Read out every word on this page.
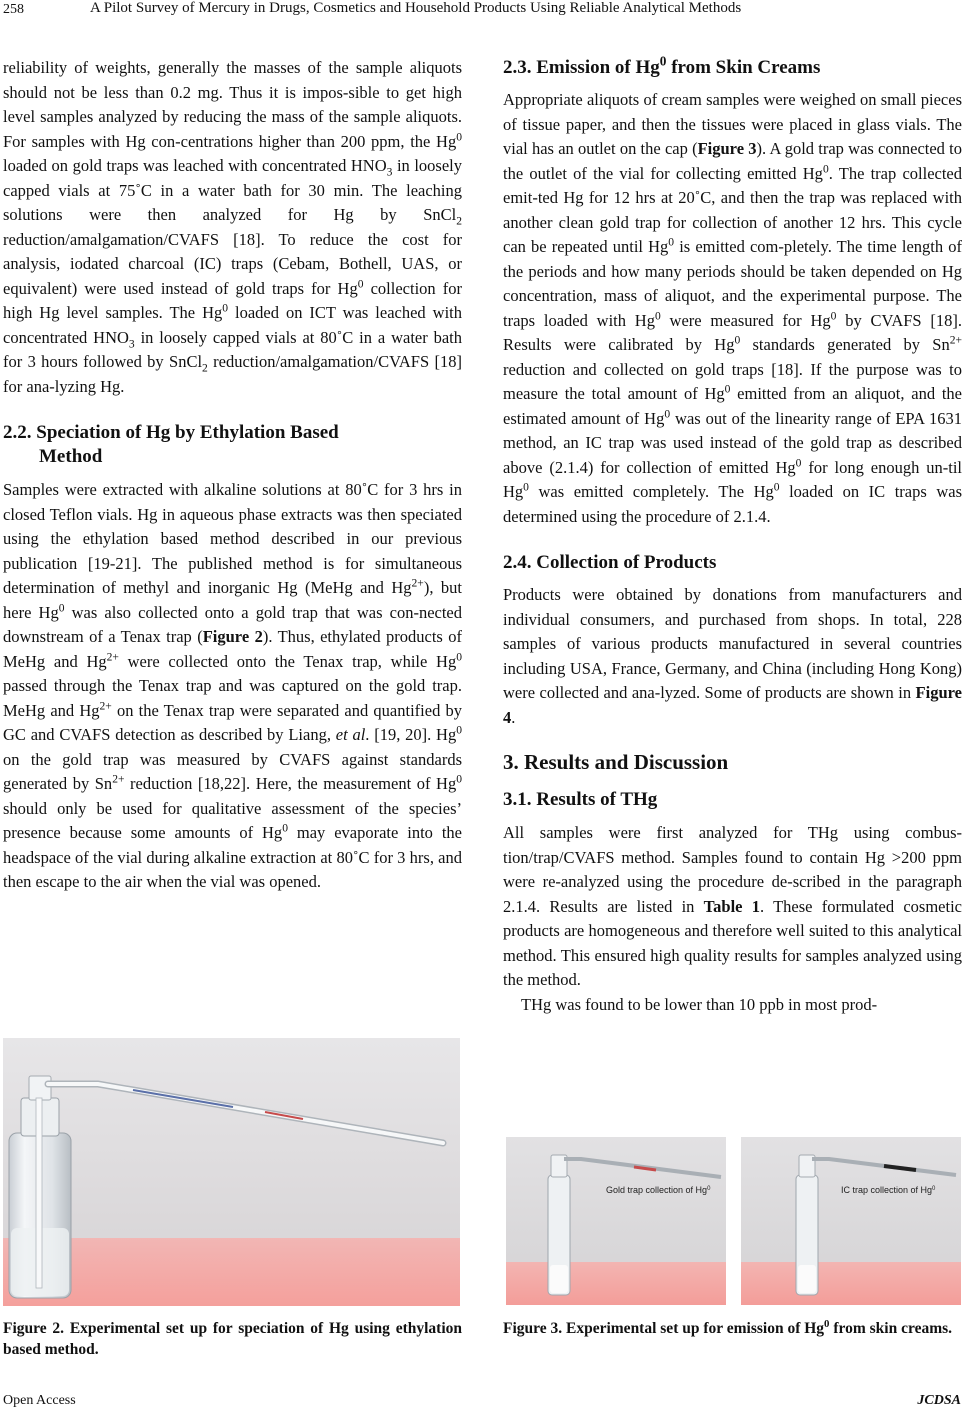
258	A Pilot Survey of Mercury in Drugs, Cosmetics and Household Products Using Reliable Analytical Methods

reliability of weights, generally the masses of the sample aliquots should not be less than 0.2 mg. Thus it is impos-sible to get high level samples analyzed by reducing the mass of the sample aliquots. For samples with Hg con-centrations higher than 200 ppm, the Hg$^0$ loaded on gold traps was leached with concentrated $HNO_3$ in loosely capped vials at 75˚C in a water bath for 30 min. The leaching solutions were then analyzed for Hg by SnCl$_2$ reduction/amalgamation/CVAFS [18]. To reduce the cost for analysis, iodated charcoal (IC) traps (Cebam, Bothell, UAS, or equivalent) were used instead of gold traps for Hg$^0$ collection for high Hg level samples. The Hg$^0$ loaded on ICT was leached with concentrated $HNO_3$ in loosely capped vials at 80˚C in a water bath for 3 hours followed by SnCl$_2$ reduction/amalgamation/CVAFS [18] for ana-lyzing Hg.

2.2. Speciation of Hg by Ethylation Based
Method

Samples were extracted with alkaline solutions at 80˚C for 3 hrs in closed Teflon vials. Hg in aqueous phase extracts was then speciated using the ethylation based method described in our previous publication [19-21]. The published method is for simultaneous determination of methyl and inorganic Hg (MeHg and $Hg^{2+}$), but here Hg$^0$ was also collected onto a gold trap that was con-nected downstream of a Tenax trap (Figure 2). Thus, ethylated products of MeHg and $Hg^{2+}$ were collected onto the Tenax trap, while Hg$^0$ passed through the Tenax trap and was captured on the gold trap. MeHg and $Hg^{2+}$ on the Tenax trap were separated and quantified by GC and CVAFS detection as described by Liang, et al. [19, 20]. Hg$^0$ on the gold trap was measured by CVAFS against standards generated by $Sn^{2+}$ reduction [18,22]. Here, the measurement of Hg$^0$ should only be used for qualitative assessment of the species’ presence because some amounts of Hg$^0$ may evaporate into the headspace of the vial during alkaline extraction at 80˚C for 3 hrs, and then escape to the air when the vial was opened.

Figure 2. Experimental set up for speciation of Hg using ethylation based method.

2.3. Emission of Hg$^0$ from Skin Creams

Appropriate aliquots of cream samples were weighed on small pieces of tissue paper, and then the tissues were placed in glass vials. The vial has an outlet on the cap (Figure 3). A gold trap was connected to the outlet of the vial for collecting emitted Hg$^0$. The trap collected emit-ted Hg for 12 hrs at 20˚C, and then the trap was replaced with another clean gold trap for collection of another 12 hrs. This cycle can be repeated until Hg$^0$ is emitted com-pletely. The time length of the periods and how many periods should be taken depended on Hg concentration, mass of aliquot, and the experimental purpose. The traps loaded with Hg$^0$ were measured for Hg$^0$ by CVAFS [18]. Results were calibrated by Hg$^0$ standards generated by $Sn^{2+}$ reduction and collected on gold traps [18]. If the purpose was to measure the total amount of Hg$^0$ emitted from an aliquot, and the estimated amount of Hg$^0$ was out of the linearity range of EPA 1631 method, an IC trap was used instead of the gold trap as described above (2.1.4) for collection of emitted Hg$^0$ for long enough un-til Hg$^0$ was emitted completely. The Hg$^0$ loaded on IC traps was determined using the procedure of 2.1.4.

2.4. Collection of Products

Products were obtained by donations from manufacturers and individual consumers, and purchased from shops. In total, 228 samples of various products manufactured in several countries including USA, France, Germany, and China (including Hong Kong) were collected and ana-lyzed. Some of products are shown in Figure 4.

3. Results and Discussion
3.1. Results of THg

All samples were first analyzed for THg using combus-tion/trap/CVAFS method. Samples found to contain Hg >200 ppm were re-analyzed using the procedure de-scribed in the paragraph 2.1.4. Results are listed in Table 1. These formulated cosmetic products are homogeneous and therefore well suited to this analytical method. This ensured high quality results for samples analyzed using the method.

THg was found to be lower than 10 ppb in most prod-

Gold trap collection of Hg$^0$	IC trap collection of Hg$^0$

Figure 3. Experimental set up for emission of Hg$^0$ from skin creams.

Open Access	JCDSA
